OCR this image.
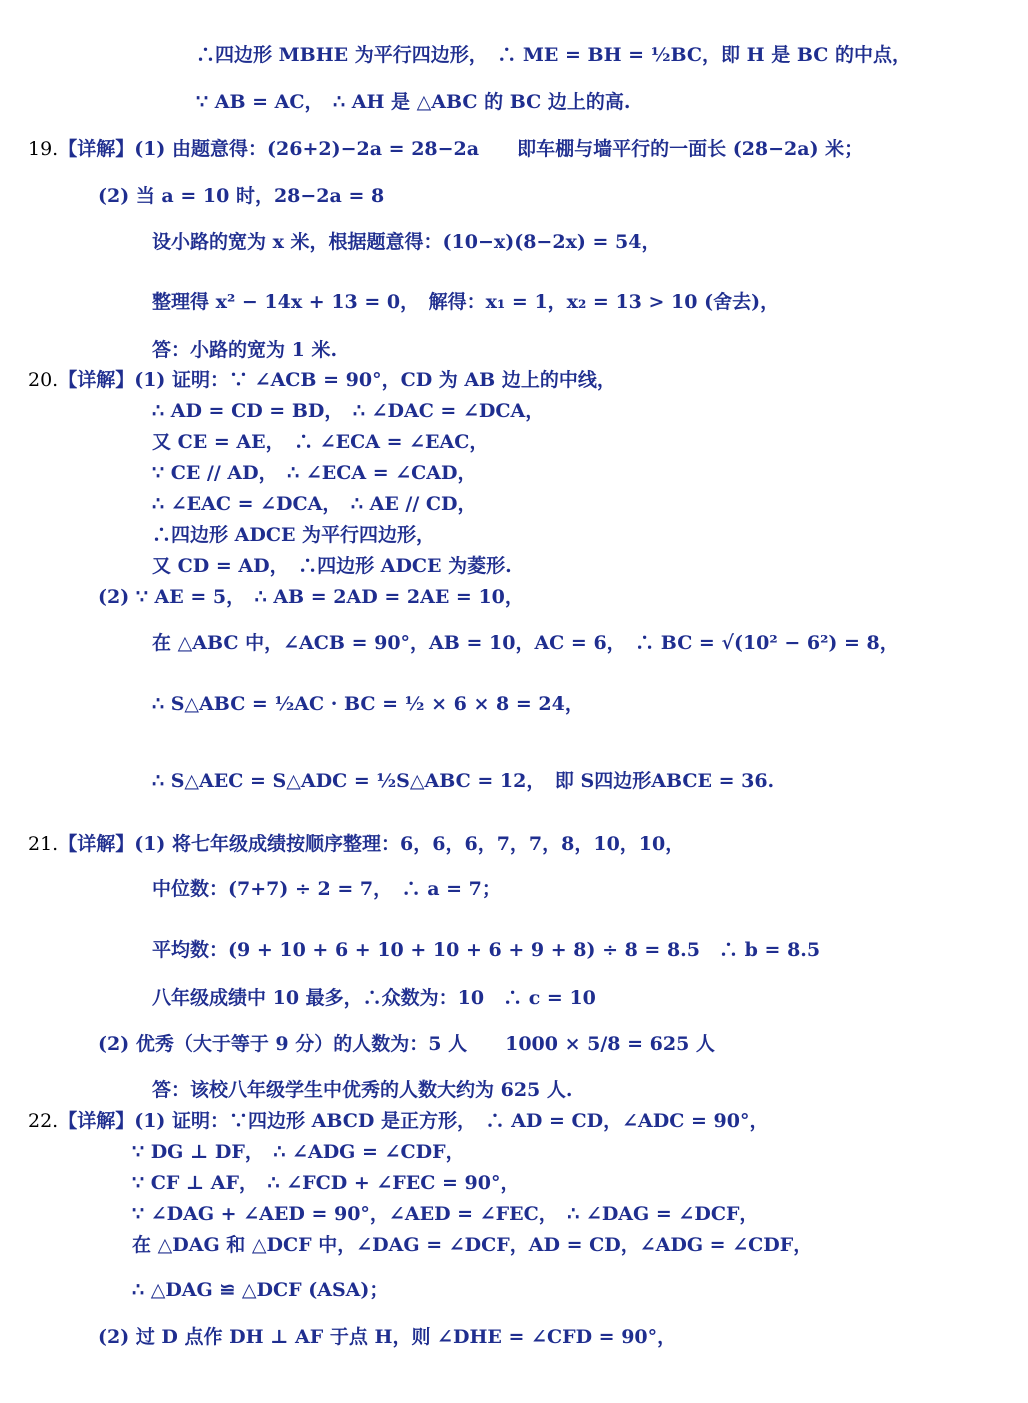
∴四边形 MBHE 为平行四边形，　∴ ME = BH = ½BC，即 H 是 BC 的中点，
∵ AB = AC，　∴ AH 是 △ABC 的 BC 边上的高.
19.【详解】(1) 由题意得：(26+2)−2a = 28−2a　　即车棚与墙平行的一面长 (28−2a) 米；
(2) 当 a = 10 时，28−2a = 8
设小路的宽为 x 米，根据题意得：(10−x)(8−2x) = 54，
整理得 x² − 14x + 13 = 0，　解得：x₁ = 1，x₂ = 13 > 10 (舍去)，
答：小路的宽为 1 米.
20.【详解】(1) 证明：∵ ∠ACB = 90°，CD 为 AB 边上的中线，
∴ AD = CD = BD，　∴ ∠DAC = ∠DCA，
又 CE = AE，　∴ ∠ECA = ∠EAC，
∵ CE // AD，　∴ ∠ECA = ∠CAD，
∴ ∠EAC = ∠DCA，　∴ AE // CD，
∴四边形 ADCE 为平行四边形，
又 CD = AD，　∴四边形 ADCE 为菱形.
(2) ∵ AE = 5，　∴ AB = 2AD = 2AE = 10，
在 △ABC 中，∠ACB = 90°，AB = 10，AC = 6，　∴ BC = √(10² − 6²) = 8，
∴ S△ABC = ½AC · BC = ½ × 6 × 8 = 24，
∴ S△AEC = S△ADC = ½S△ABC = 12，　即 S四边形ABCE = 36.
21.【详解】(1) 将七年级成绩按顺序整理：6，6，6，7，7，8，10，10，
中位数：(7+7) ÷ 2 = 7，　∴ a = 7；
平均数：(9 + 10 + 6 + 10 + 10 + 6 + 9 + 8) ÷ 8 = 8.5　∴ b = 8.5
八年级成绩中 10 最多，∴众数为：10　∴ c = 10
(2) 优秀（大于等于 9 分）的人数为：5 人　　1000 × 5/8 = 625 人
答：该校八年级学生中优秀的人数大约为 625 人.
22.【详解】(1) 证明：∵四边形 ABCD 是正方形，　∴ AD = CD，∠ADC = 90°，
∵ DG ⊥ DF，　∴ ∠ADG = ∠CDF，
∵ CF ⊥ AF，　∴ ∠FCD + ∠FEC = 90°，
∵ ∠DAG + ∠AED = 90°，∠AED = ∠FEC，　∴ ∠DAG = ∠DCF，
在 △DAG 和 △DCF 中，∠DAG = ∠DCF，AD = CD，∠ADG = ∠CDF，
∴ △DAG ≌ △DCF (ASA)；
(2) 过 D 点作 DH ⊥ AF 于点 H，则 ∠DHE = ∠CFD = 90°，
